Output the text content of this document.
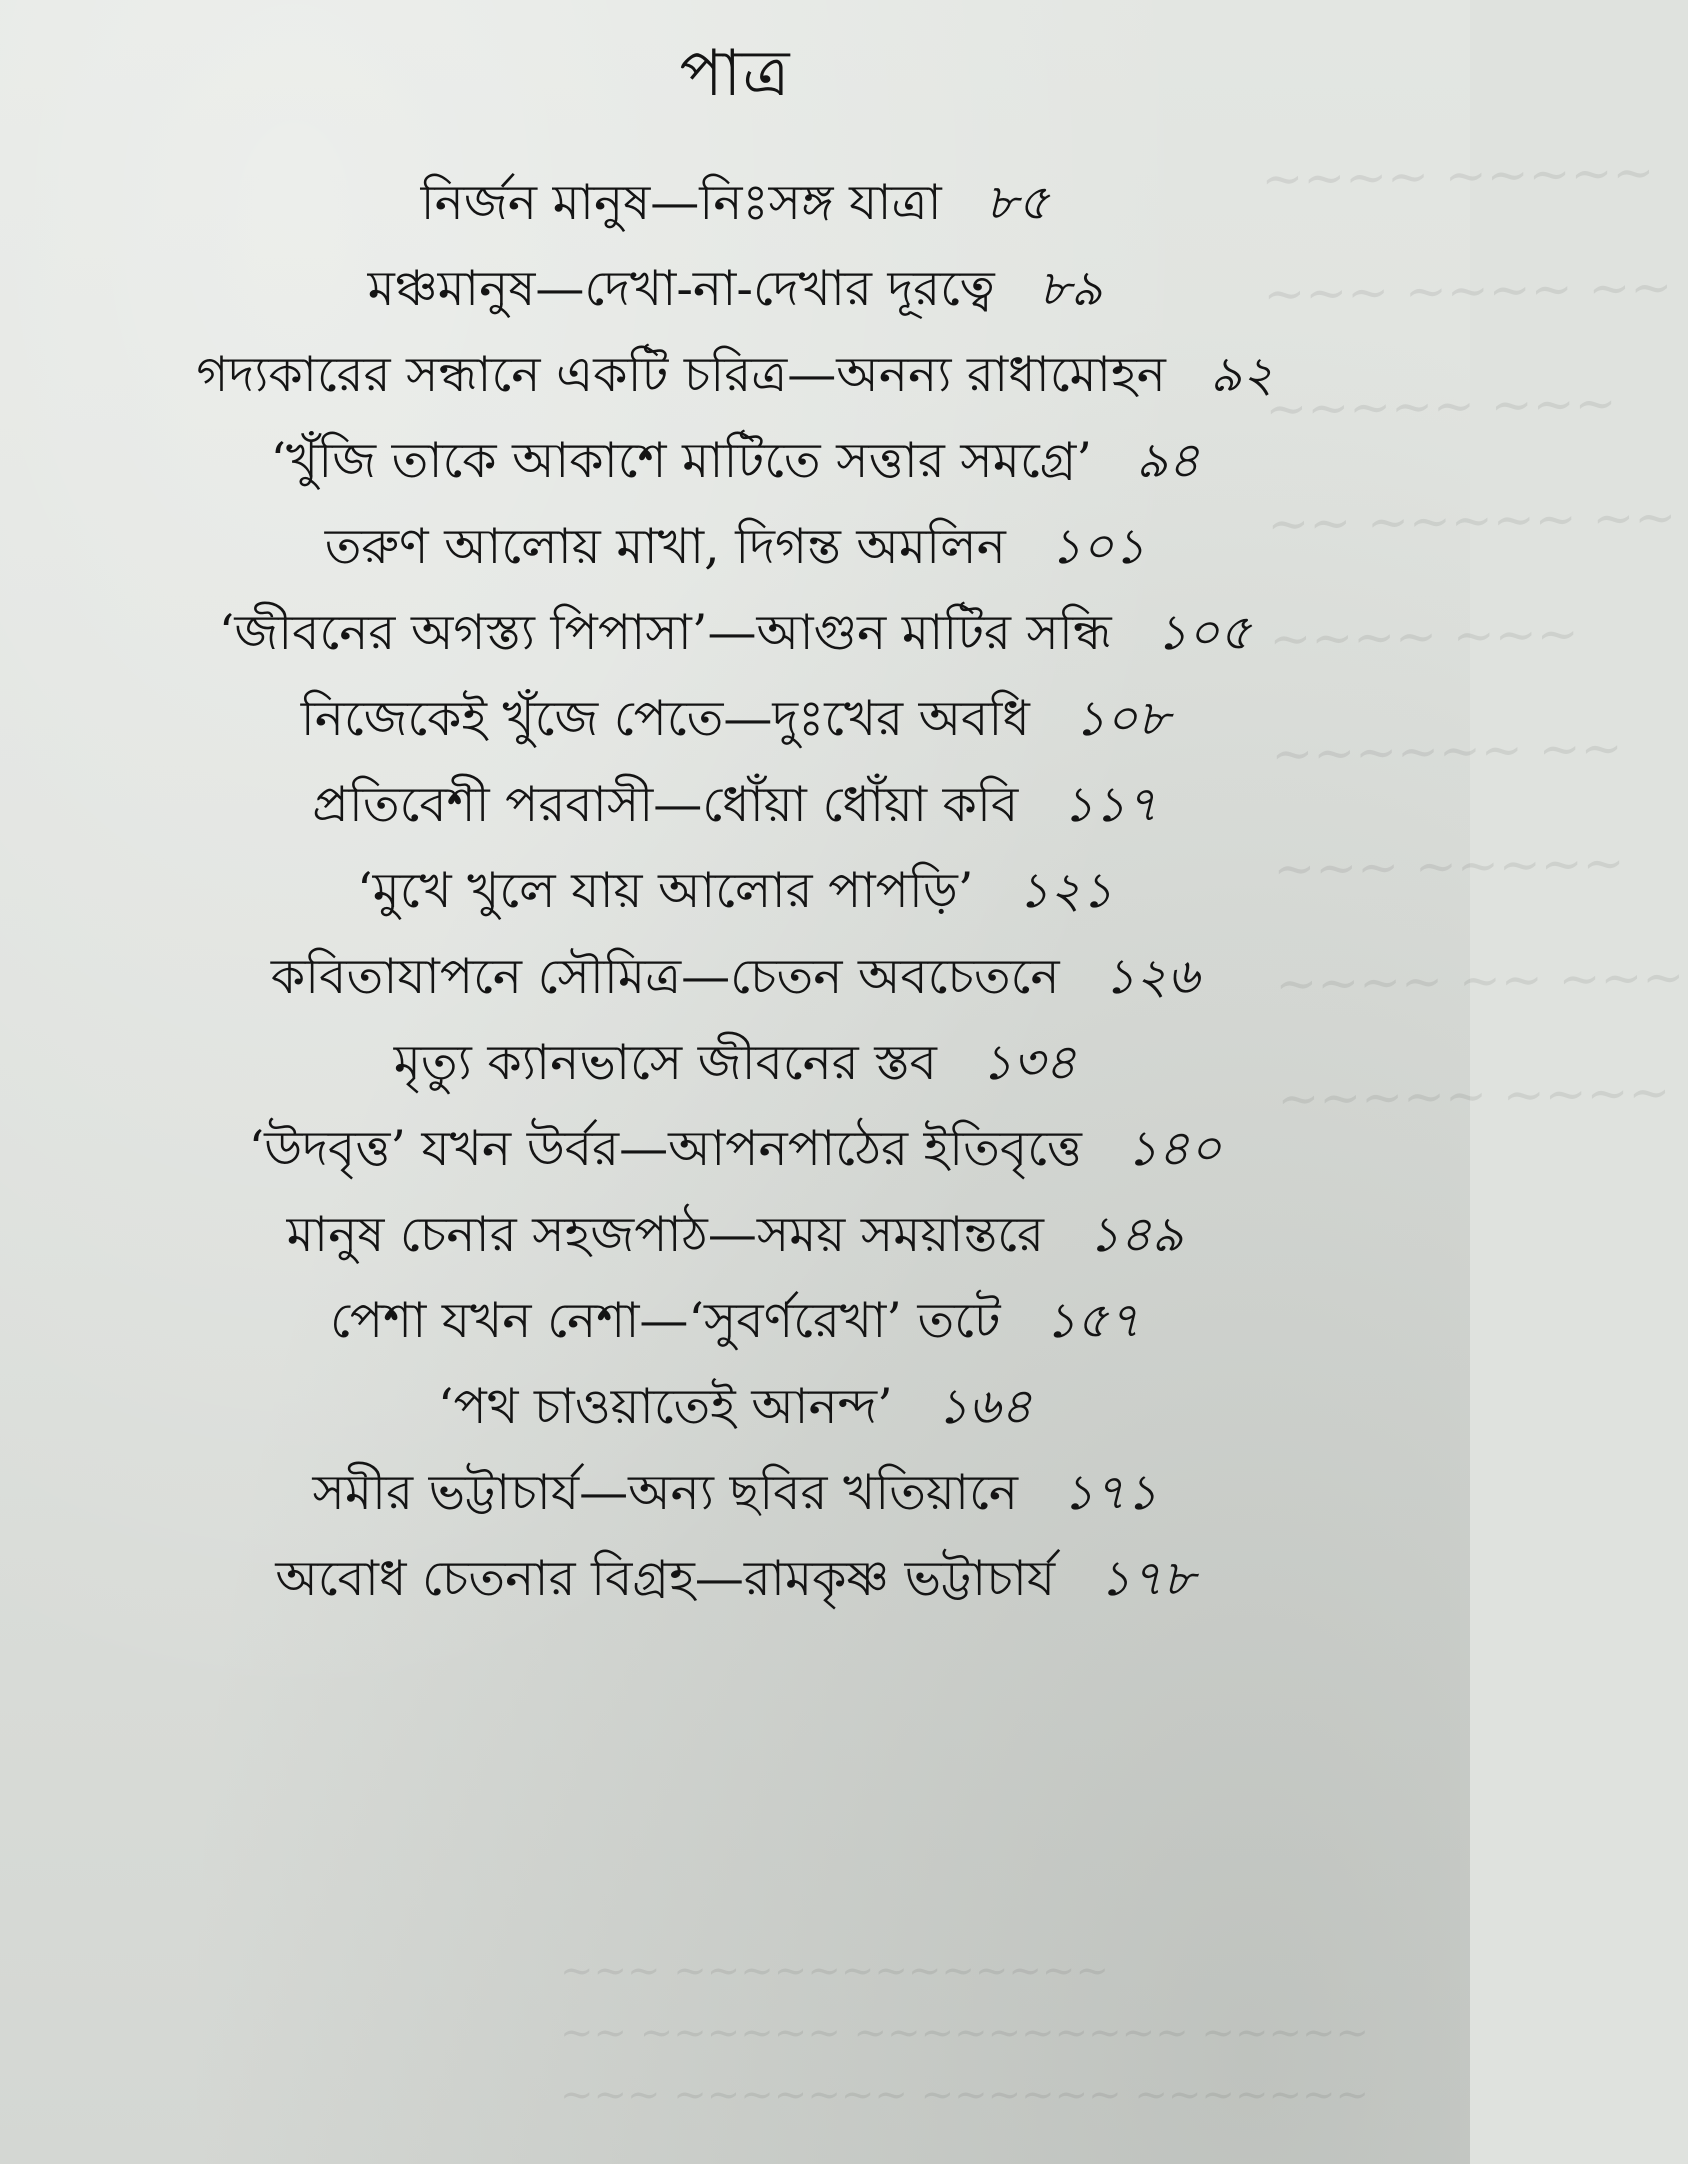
~~~~ ~~~~~
~~~ ~~~~ ~~
~~~~~ ~~~
~~ ~~~~~ ~~
~~~~ ~~~
~~~~~~ ~~
~~~ ~~~~~
~~~~ ~~ ~~~
~~~~~ ~~~~
~~~ ~~~~~~~~~~~~~
~~ ~~~~~~ ~~~~~~~~~~ ~~~~~
~~~ ~~~~~~~ ~~~~~~ ~~~~~~~
পাত্র
নির্জন মানুষ—নিঃসঙ্গ যাত্রা ৮৫
মঞ্চমানুষ—দেখা-না-দেখার দূরত্বে ৮৯
গদ্যকারের সন্ধানে একটি চরিত্র—অনন্য রাধামোহন ৯২
‘খুঁজি তাকে আকাশে মাটিতে সত্তার সমগ্রে’ ৯৪
তরুণ আলোয় মাখা, দিগন্ত অমলিন ১০১
‘জীবনের অগস্ত্য পিপাসা’—আগুন মাটির সন্ধি ১০৫
নিজেকেই খুঁজে পেতে—দুঃখের অবধি ১০৮
প্রতিবেশী পরবাসী—ধোঁয়া ধোঁয়া কবি ১১৭
‘মুখে খুলে যায় আলোর পাপড়ি’ ১২১
কবিতাযাপনে সৌমিত্র—চেতন অবচেতনে ১২৬
মৃত্যু ক্যানভাসে জীবনের স্তব ১৩৪
‘উদবৃত্ত’ যখন উর্বর—আপনপাঠের ইতিবৃত্তে ১৪০
মানুষ চেনার সহজপাঠ—সময় সময়ান্তরে ১৪৯
পেশা যখন নেশা—‘সুবর্ণরেখা’ তটে ১৫৭
‘পথ চাওয়াতেই আনন্দ’ ১৬৪
সমীর ভট্টাচার্য—অন্য ছবির খতিয়ানে ১৭১
অবোধ চেতনার বিগ্রহ—রামকৃষ্ণ ভট্টাচার্য ১৭৮
